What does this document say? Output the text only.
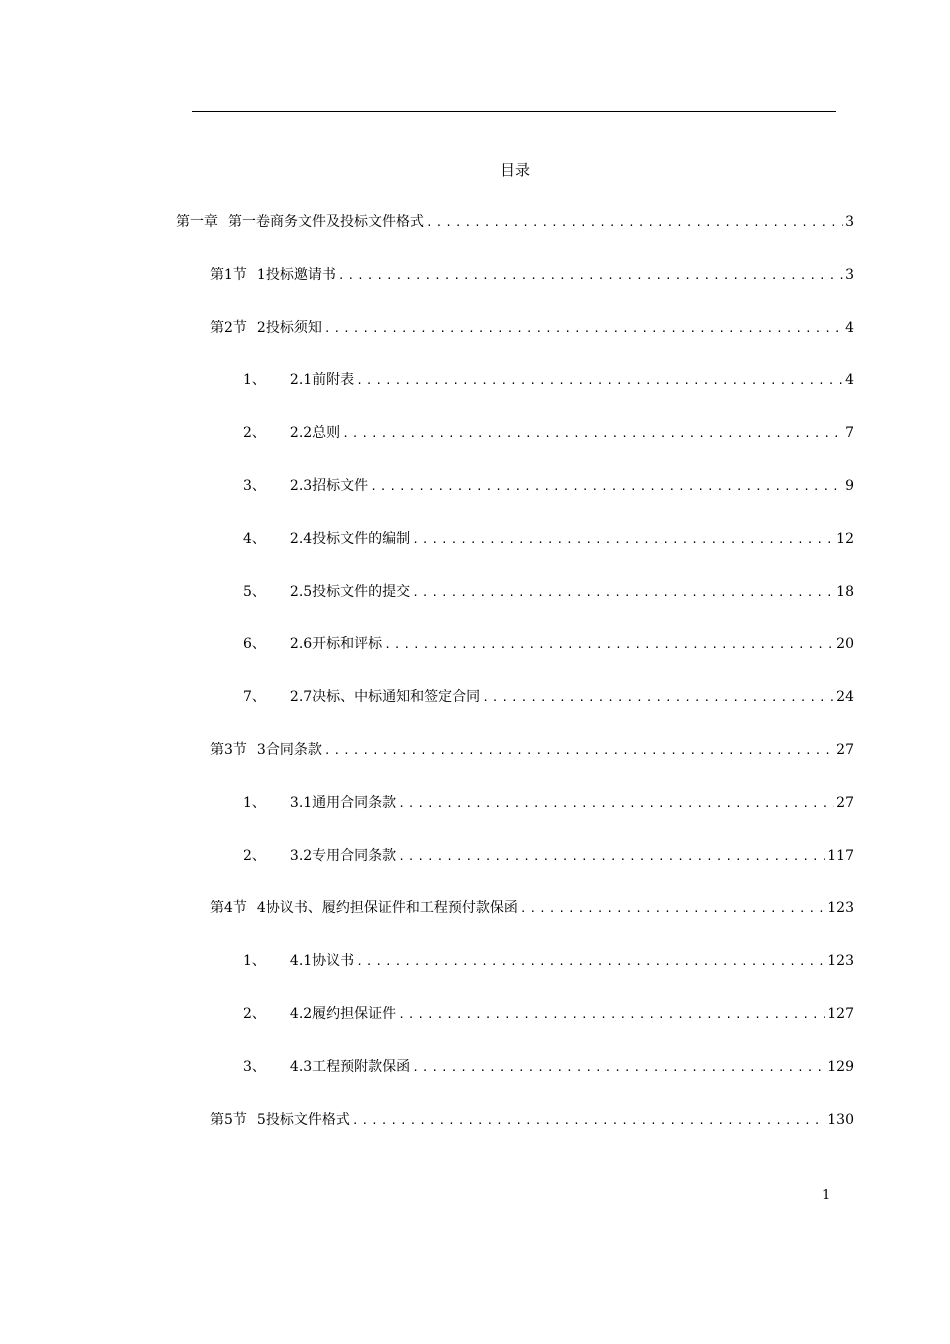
目录
第一章 第一卷商务文件及投标文件格式 .....	3
第1节 1投标邀请书 .....	3
第2节 2投标须知 .....	4
1、 2.1前附表 .....	4
2、 2.2总则 .....	7
3、 2.3招标文件 .....	9
4、 2.4投标文件的编制 .....	12
5、 2.5投标文件的提交 .....	18
6、 2.6开标和评标 .....	20
7、 2.7决标、中标通知和签定合同 .....	24
第3节 3合同条款 .....	27
1、 3.1通用合同条款 .....	27
2、 3.2专用合同条款 .....	117
第4节 4协议书、履约担保证件和工程预付款保函 .....	123
1、 4.1协议书 .....	123
2、 4.2履约担保证件 .....	127
3、 4.3工程预附款保函 .....	129
第5节 5投标文件格式 .....	130
1
